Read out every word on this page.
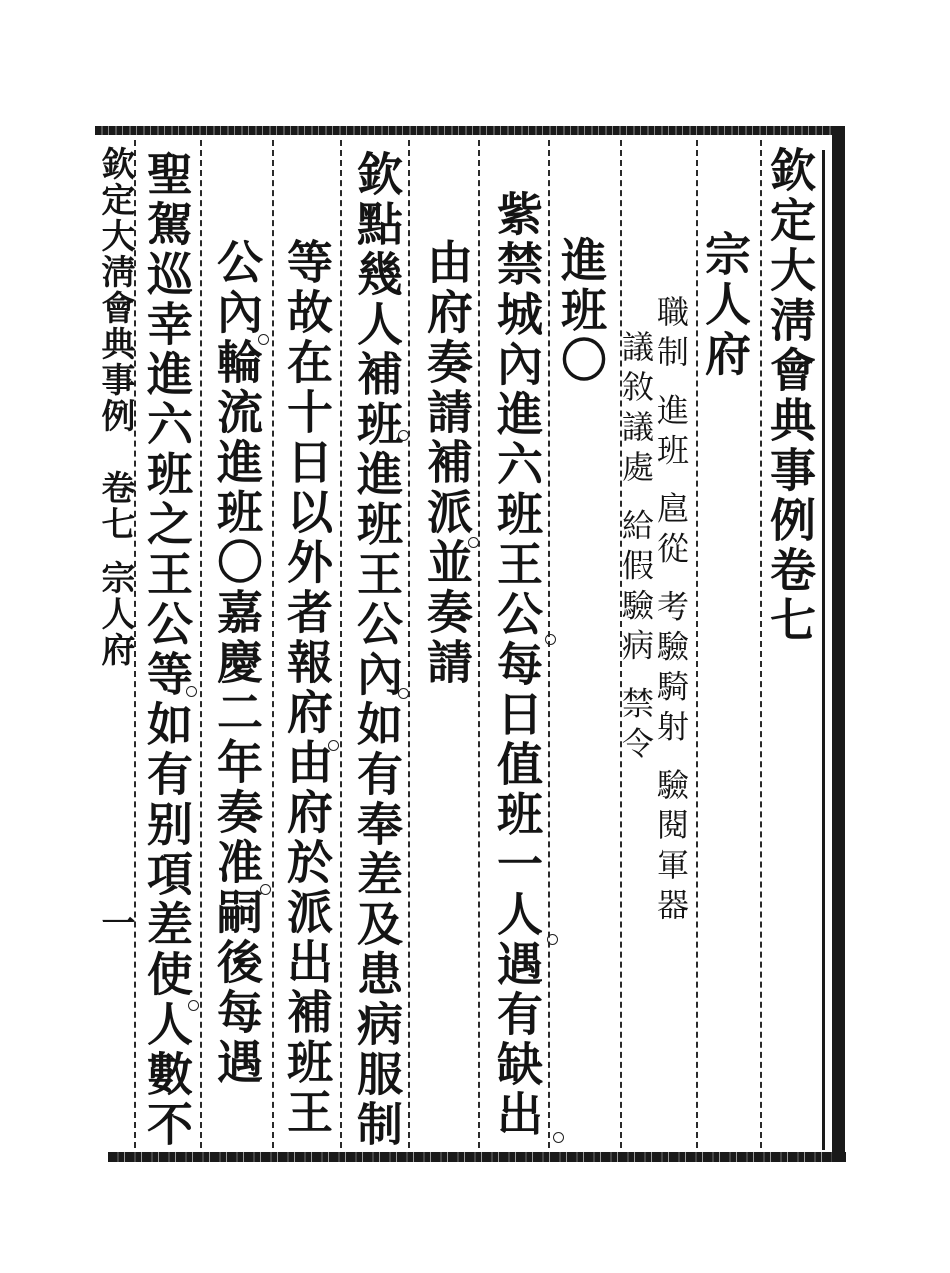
欽定大淸會典事例卷七
宗人府
職制 進班 扈從 考驗騎射 驗閱軍器
議敘議處 給假驗病 禁令
進班〇
紫禁城內進六班王公每日值班一人遇有缺出
由府奏請補派並奏請
欽點幾人補班進班王公內如有奉差及患病服制
等故在十日以外者報府由府於派出補班王
公內輪流進班〇嘉慶二年奏准嗣後每遇
聖駕巡幸進六班之王公等如有别項差使人數不
欽定大淸會典事例
卷七
宗人府
一
